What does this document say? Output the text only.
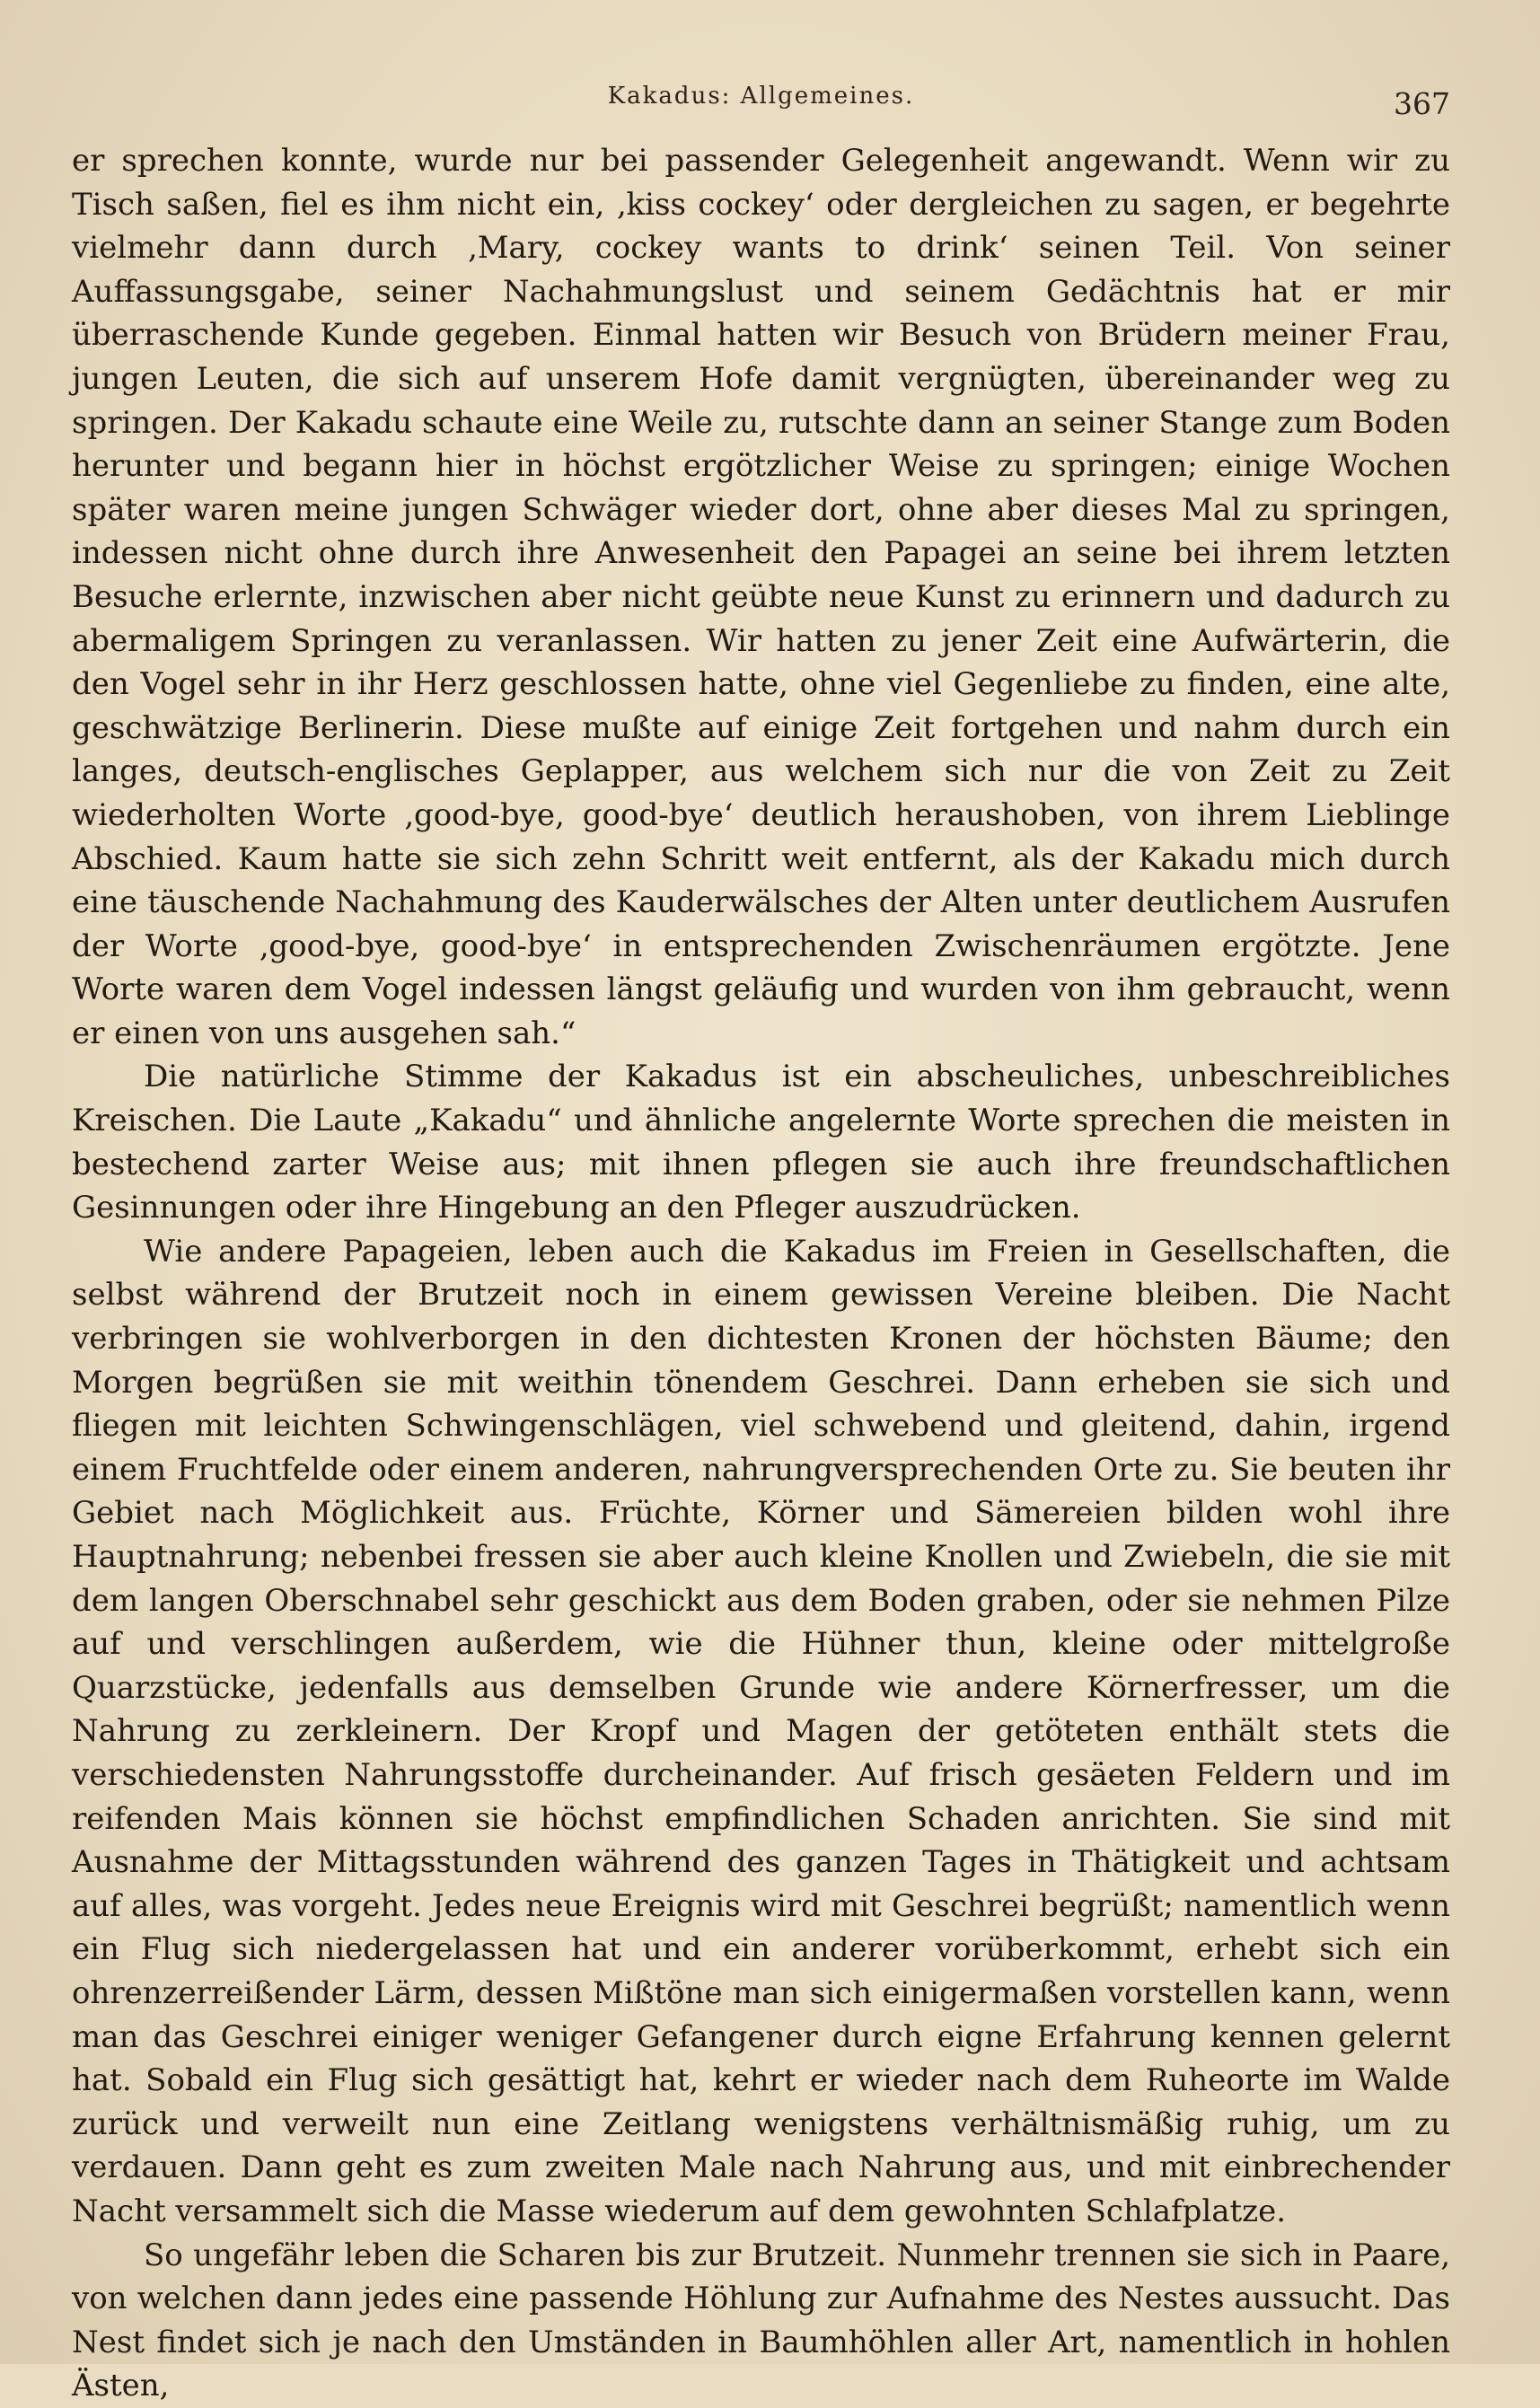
Kakadus: Allgemeines.	367

er sprechen konnte, wurde nur bei passender Gelegenheit angewandt. Wenn wir zu Tisch saßen, fiel es ihm nicht ein, ‚kiss cockey‘ oder dergleichen zu sagen, er begehrte vielmehr dann durch ‚Mary, cockey wants to drink‘ seinen Teil. Von seiner Auffassungsgabe, seiner Nachahmungslust und seinem Gedächtnis hat er mir überraschende Kunde gegeben. Einmal hatten wir Besuch von Brüdern meiner Frau, jungen Leuten, die sich auf unserem Hofe damit vergnügten, übereinander weg zu springen. Der Kakadu schaute eine Weile zu, rutschte dann an seiner Stange zum Boden herunter und begann hier in höchst ergötzlicher Weise zu springen; einige Wochen später waren meine jungen Schwäger wieder dort, ohne aber dieses Mal zu springen, indessen nicht ohne durch ihre Anwesenheit den Papagei an seine bei ihrem letzten Besuche erlernte, inzwischen aber nicht geübte neue Kunst zu erinnern und dadurch zu abermaligem Springen zu veranlassen. Wir hatten zu jener Zeit eine Aufwärterin, die den Vogel sehr in ihr Herz geschlossen hatte, ohne viel Gegenliebe zu finden, eine alte, geschwätzige Berlinerin. Diese mußte auf einige Zeit fortgehen und nahm durch ein langes, deutsch-englisches Geplapper, aus welchem sich nur die von Zeit zu Zeit wiederholten Worte ‚good-bye, good-bye‘ deutlich heraushoben, von ihrem Lieblinge Abschied. Kaum hatte sie sich zehn Schritt weit entfernt, als der Kakadu mich durch eine täuschende Nachahmung des Kauderwälsches der Alten unter deutlichem Ausrufen der Worte ‚good-bye, good-bye‘ in entsprechenden Zwischenräumen ergötzte. Jene Worte waren dem Vogel indessen längst geläufig und wurden von ihm gebraucht, wenn er einen von uns ausgehen sah.“

Die natürliche Stimme der Kakadus ist ein abscheuliches, unbeschreibliches Kreischen. Die Laute „Kakadu“ und ähnliche angelernte Worte sprechen die meisten in bestechend zarter Weise aus; mit ihnen pflegen sie auch ihre freundschaftlichen Gesinnungen oder ihre Hingebung an den Pfleger auszudrücken.

Wie andere Papageien, leben auch die Kakadus im Freien in Gesellschaften, die selbst während der Brutzeit noch in einem gewissen Vereine bleiben. Die Nacht verbringen sie wohlverborgen in den dichtesten Kronen der höchsten Bäume; den Morgen begrüßen sie mit weithin tönendem Geschrei. Dann erheben sie sich und fliegen mit leichten Schwingenschlägen, viel schwebend und gleitend, dahin, irgend einem Fruchtfelde oder einem anderen, nahrungversprechenden Orte zu. Sie beuten ihr Gebiet nach Möglichkeit aus. Früchte, Körner und Sämereien bilden wohl ihre Hauptnahrung; nebenbei fressen sie aber auch kleine Knollen und Zwiebeln, die sie mit dem langen Oberschnabel sehr geschickt aus dem Boden graben, oder sie nehmen Pilze auf und verschlingen außerdem, wie die Hühner thun, kleine oder mittelgroße Quarzstücke, jedenfalls aus demselben Grunde wie andere Körnerfresser, um die Nahrung zu zerkleinern. Der Kropf und Magen der getöteten enthält stets die verschiedensten Nahrungsstoffe durcheinander. Auf frisch gesäeten Feldern und im reifenden Mais können sie höchst empfindlichen Schaden anrichten. Sie sind mit Ausnahme der Mittagsstunden während des ganzen Tages in Thätigkeit und achtsam auf alles, was vorgeht. Jedes neue Ereignis wird mit Geschrei begrüßt; namentlich wenn ein Flug sich niedergelassen hat und ein anderer vorüberkommt, erhebt sich ein ohrenzerreißender Lärm, dessen Mißtöne man sich einigermaßen vorstellen kann, wenn man das Geschrei einiger weniger Gefangener durch eigne Erfahrung kennen gelernt hat. Sobald ein Flug sich gesättigt hat, kehrt er wieder nach dem Ruheorte im Walde zurück und verweilt nun eine Zeitlang wenigstens verhältnismäßig ruhig, um zu verdauen. Dann geht es zum zweiten Male nach Nahrung aus, und mit einbrechender Nacht versammelt sich die Masse wiederum auf dem gewohnten Schlafplatze.

So ungefähr leben die Scharen bis zur Brutzeit. Nunmehr trennen sie sich in Paare, von welchen dann jedes eine passende Höhlung zur Aufnahme des Nestes aussucht. Das Nest findet sich je nach den Umständen in Baumhöhlen aller Art, namentlich in hohlen Ästen,
